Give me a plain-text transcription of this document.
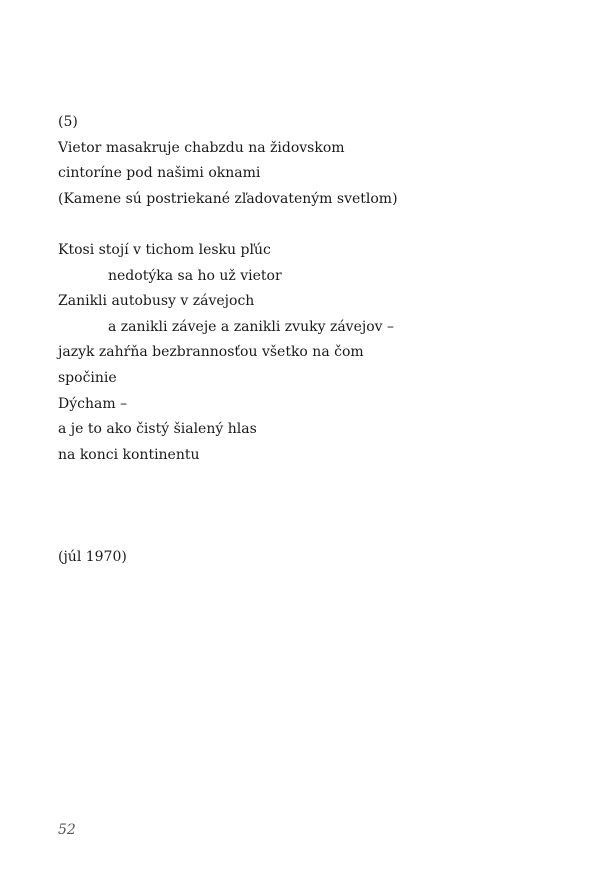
(5)
Vietor masakruje chabzdu na židovskom
cintoríne pod našimi oknami
(Kamene sú postriekané zľadovateným svetlom)
Ktosi stojí v tichom lesku pľúc
nedotýka sa ho už vietor
Zanikli autobusy v závejoch
a zanikli záveje a zanikli zvuky závejov –
jazyk zahŕňa bezbrannosťou všetko na čom
spočinie
Dýcham –
a je to ako čistý šialený hlas
na konci kontinentu
(júl 1970)
52
